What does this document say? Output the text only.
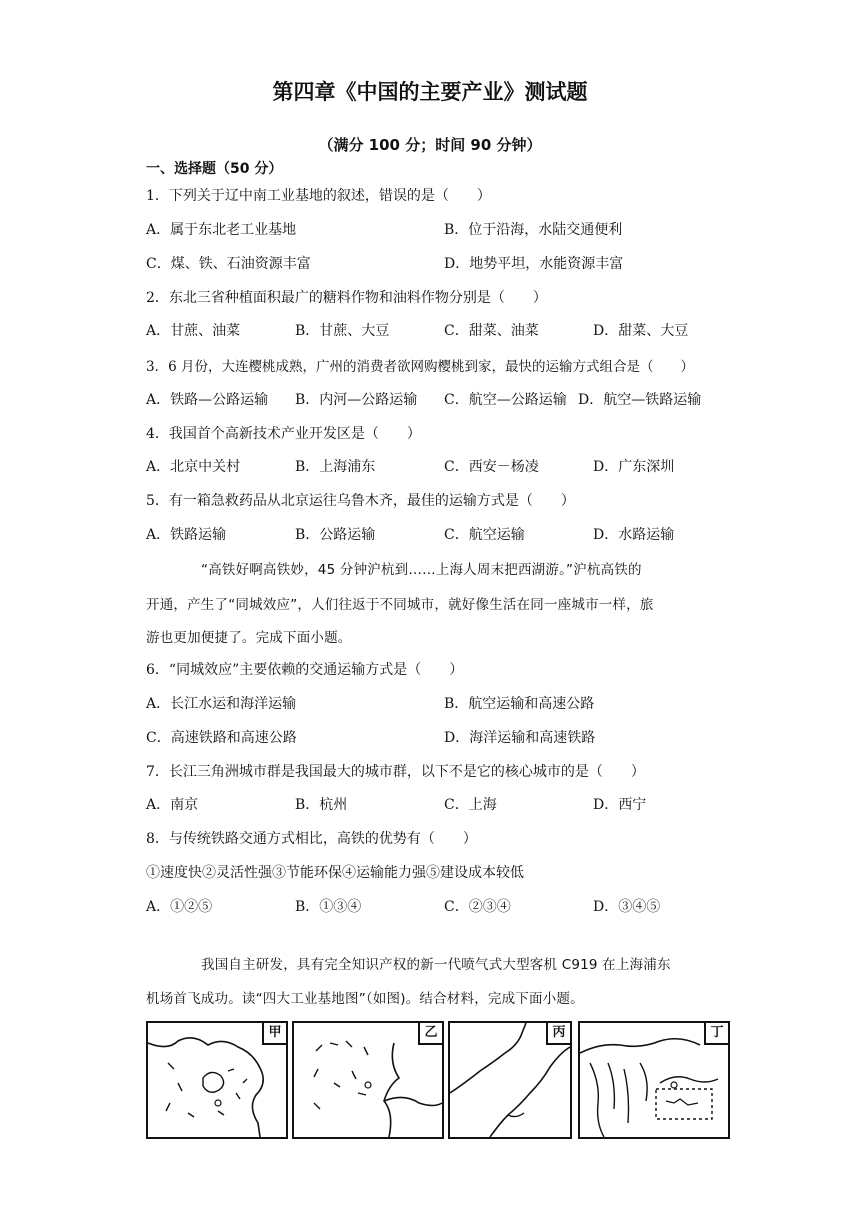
第四章《中国的主要产业》测试题
（满分 100 分；时间 90 分钟）
一、选择题（50 分）
1．下列关于辽中南工业基地的叙述，错误的是（　　）
A．属于东北老工业基地	B．位于沿海，水陆交通便利
C．煤、铁、石油资源丰富	D．地势平坦，水能资源丰富
2．东北三省种植面积最广的糖料作物和油料作物分别是（　　）
A．甘蔗、油菜	B．甘蔗、大豆	C．甜菜、油菜	D．甜菜、大豆
3．6 月份，大连樱桃成熟，广州的消费者欲网购樱桃到家，最快的运输方式组合是（　　）
A．铁路—公路运输 B．内河—公路运输 C．航空—公路运输 D．航空—铁路运输
4．我国首个高新技术产业开发区是（　　）
A．北京中关村	B．上海浦东	C．西安－杨凌	D．广东深圳
5．有一箱急救药品从北京运往乌鲁木齐，最佳的运输方式是（　　）
A．铁路运输	B．公路运输	C．航空运输	D．水路运输
“高铁好啊高铁妙，45 分钟沪杭到……上海人周末把西湖游。”沪杭高铁的
开通，产生了“同城效应”，人们往返于不同城市，就好像生活在同一座城市一样，旅
游也更加便捷了。完成下面小题。
6．“同城效应”主要依赖的交通运输方式是（　　）
A．长江水运和海洋运输	B．航空运输和高速公路
C．高速铁路和高速公路	D．海洋运输和高速铁路
7．长江三角洲城市群是我国最大的城市群，以下不是它的核心城市的是（　　）
A．南京	B．杭州	C．上海	D．西宁
8．与传统铁路交通方式相比，高铁的优势有（　　）
①速度快②灵活性强③节能环保④运输能力强⑤建设成本较低
A．①②⑤	B．①③④	C．②③④	D．③④⑤
我国自主研发，具有完全知识产权的新一代喷气式大型客机 C919 在上海浦东
机场首飞成功。读“四大工业基地图”（如图)。结合材料，完成下面小题。
甲	乙	丙	丁
